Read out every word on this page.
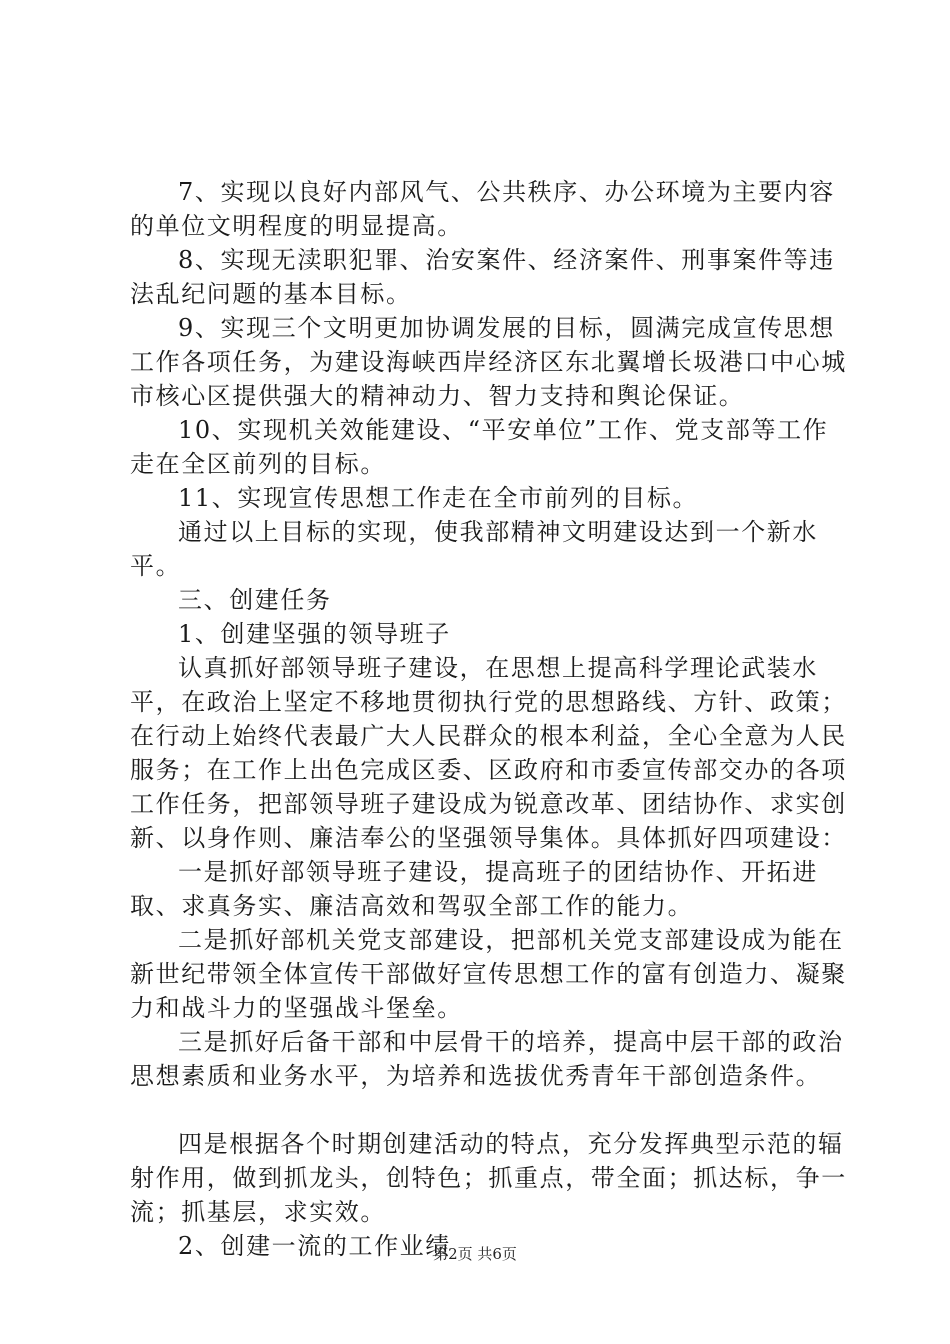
7、实现以良好内部风气、公共秩序、办公环境为主要内容的单位文明程度的明显提高。

8、实现无渎职犯罪、治安案件、经济案件、刑事案件等违法乱纪问题的基本目标。

9、实现三个文明更加协调发展的目标，圆满完成宣传思想工作各项任务，为建设海峡西岸经济区东北翼增长圾港口中心城市核心区提供强大的精神动力、智力支持和舆论保证。

10、实现机关效能建设、“平安单位”工作、党支部等工作走在全区前列的目标。

11、实现宣传思想工作走在全市前列的目标。

通过以上目标的实现，使我部精神文明建设达到一个新水平。

三、创建任务

1、创建坚强的领导班子

认真抓好部领导班子建设，在思想上提高科学理论武装水平，在政治上坚定不移地贯彻执行党的思想路线、方针、政策；在行动上始终代表最广大人民群众的根本利益，全心全意为人民服务；在工作上出色完成区委、区政府和市委宣传部交办的各项工作任务，把部领导班子建设成为锐意改革、团结协作、求实创新、以身作则、廉洁奉公的坚强领导集体。具体抓好四项建设：

一是抓好部领导班子建设，提高班子的团结协作、开拓进取、求真务实、廉洁高效和驾驭全部工作的能力。

二是抓好部机关党支部建设，把部机关党支部建设成为能在新世纪带领全体宣传干部做好宣传思想工作的富有创造力、凝聚力和战斗力的坚强战斗堡垒。

三是抓好后备干部和中层骨干的培养，提高中层干部的政治思想素质和业务水平，为培养和选拔优秀青年干部创造条件。

四是根据各个时期创建活动的特点，充分发挥典型示范的辐射作用，做到抓龙头，创特色；抓重点，带全面；抓达标，争一流；抓基层，求实效。

2、创建一流的工作业绩

第2页 共6页
